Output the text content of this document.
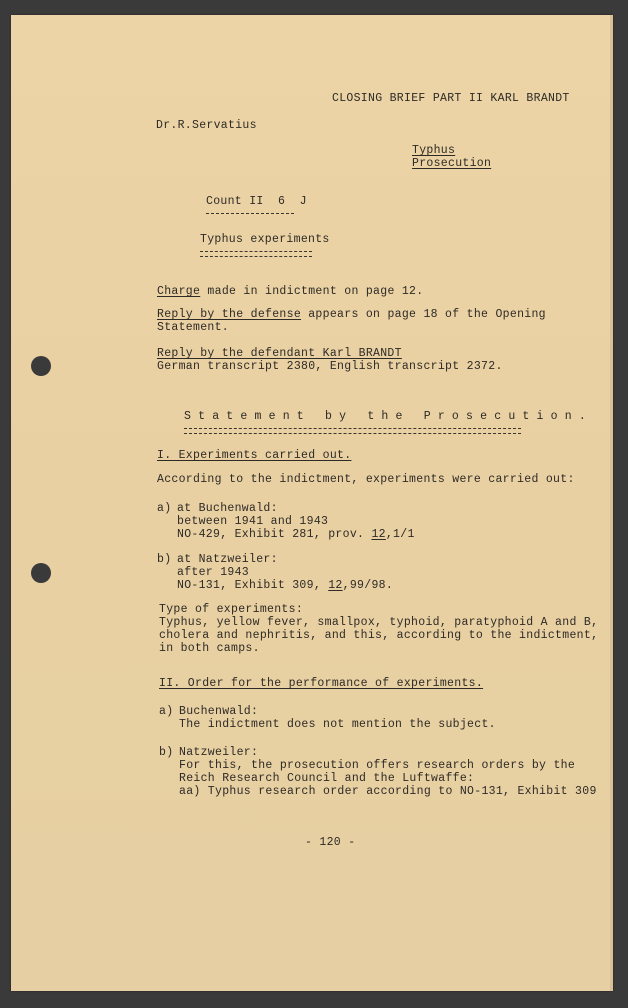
CLOSING BRIEF PART II KARL BRANDT
Dr.R.Servatius
Typhus
Prosecution
Count II  6  J
Typhus experiments
Charge made in indictment on page 12.
Reply by the defense appears on page 18 of the Opening
Statement.
Reply by the defendant Karl BRANDT
German transcript 2380, English transcript 2372.
Statement by the Prosecution.
I. Experiments carried out.
According to the indictment, experiments were carried out:
a) at Buchenwald:
between 1941 and 1943
NO-429, Exhibit 281, prov. 12,1/1
b) at Natzweiler:
after 1943
NO-131, Exhibit 309, 12,99/98.
Type of experiments:
Typhus, yellow fever, smallpox, typhoid, paratyphoid A and B,
cholera and nephritis, and this, according to the indictment,
in both camps.
II. Order for the performance of experiments.
a) Buchenwald:
The indictment does not mention the subject.
b) Natzweiler:
For this, the prosecution offers research orders by the
Reich Research Council and the Luftwaffe:
aa) Typhus research order according to NO-131, Exhibit 309
- 120 -
